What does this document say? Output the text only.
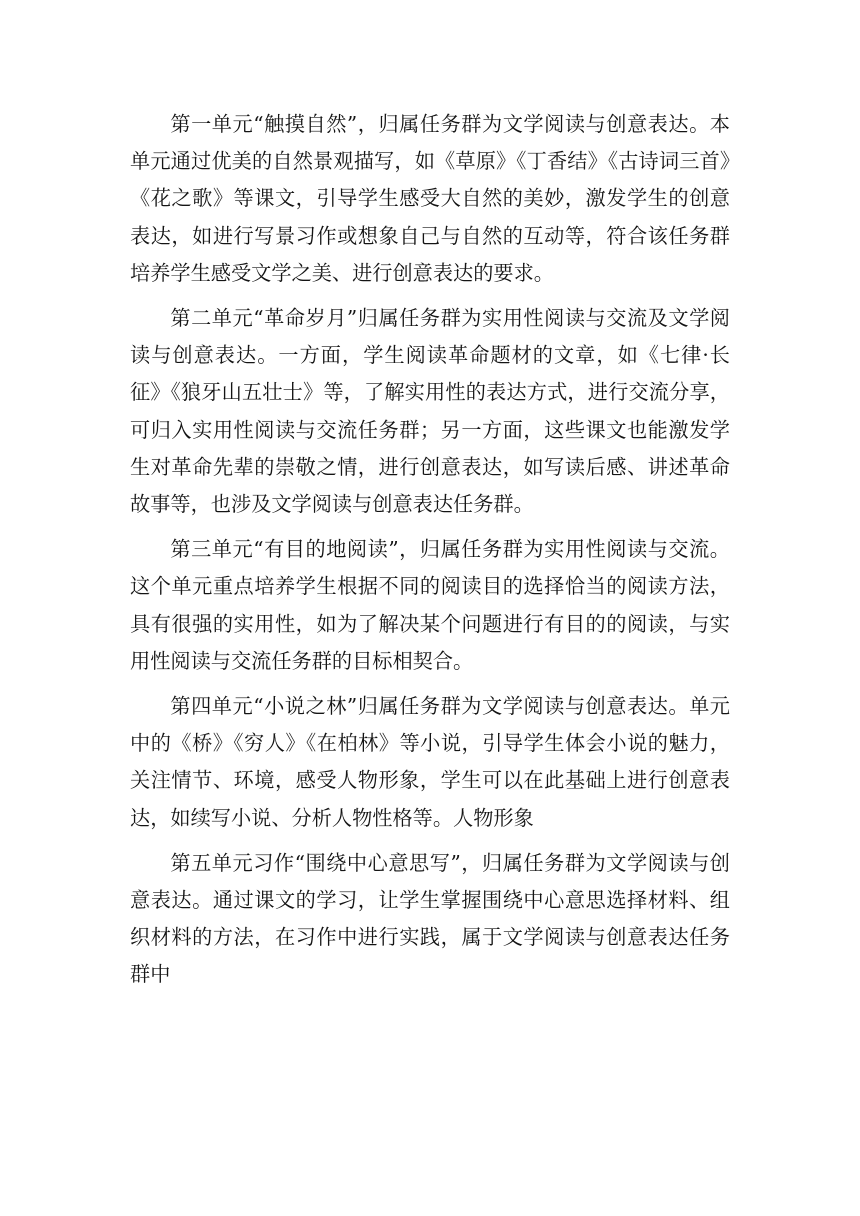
第一单元“触摸自然”，归属任务群为文学阅读与创意表达。本单元通过优美的自然景观描写，如《草原》《丁香结》《古诗词三首》《花之歌》等课文，引导学生感受大自然的美妙，激发学生的创意表达，如进行写景习作或想象自己与自然的互动等，符合该任务群培养学生感受文学之美、进行创意表达的要求。

第二单元“革命岁月”归属任务群为实用性阅读与交流及文学阅读与创意表达。一方面，学生阅读革命题材的文章，如《七律·长征》《狼牙山五壮士》等，了解实用性的表达方式，进行交流分享，可归入实用性阅读与交流任务群；另一方面，这些课文也能激发学生对革命先辈的崇敬之情，进行创意表达，如写读后感、讲述革命故事等，也涉及文学阅读与创意表达任务群。

第三单元“有目的地阅读”，归属任务群为实用性阅读与交流。这个单元重点培养学生根据不同的阅读目的选择恰当的阅读方法，具有很强的实用性，如为了解决某个问题进行有目的的阅读，与实用性阅读与交流任务群的目标相契合。

第四单元“小说之林”归属任务群为文学阅读与创意表达。单元中的《桥》《穷人》《在柏林》等小说，引导学生体会小说的魅力，关注情节、环境，感受人物形象，学生可以在此基础上进行创意表达，如续写小说、分析人物性格等。人物形象

第五单元习作“围绕中心意思写”，归属任务群为文学阅读与创意表达。通过课文的学习，让学生掌握围绕中心意思选择材料、组织材料的方法，在习作中进行实践，属于文学阅读与创意表达任务群中
